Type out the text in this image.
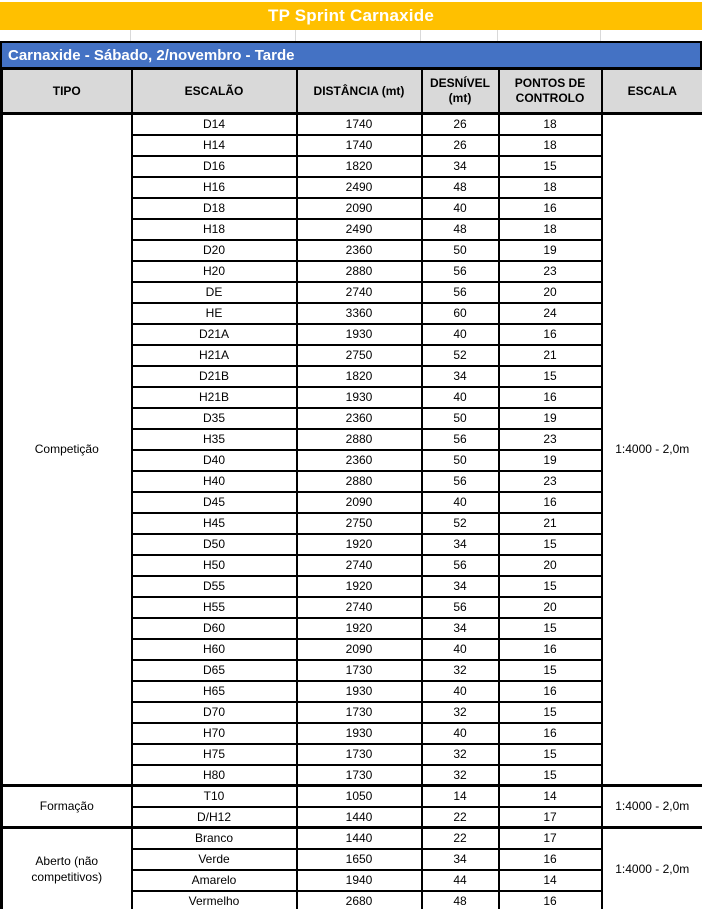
TP Sprint Carnaxide
Carnaxide - Sábado, 2/novembro - Tarde
TIPO	ESCALÃO	DISTÂNCIA (mt)	DESNÍVEL (mt)	PONTOS DE CONTROLO	ESCALA
Competição	D14	1740	26	18	1:4000 - 2,0m
	H14	1740	26	18	
	D16	1820	34	15	
	H16	2490	48	18	
	D18	2090	40	16	
	H18	2490	48	18	
	D20	2360	50	19	
	H20	2880	56	23	
	DE	2740	56	20	
	HE	3360	60	24	
	D21A	1930	40	16	
	H21A	2750	52	21	
	D21B	1820	34	15	
	H21B	1930	40	16	
	D35	2360	50	19	
	H35	2880	56	23	
	D40	2360	50	19	
	H40	2880	56	23	
	D45	2090	40	16	
	H45	2750	52	21	
	D50	1920	34	15	
	H50	2740	56	20	
	D55	1920	34	15	
	H55	2740	56	20	
	D60	1920	34	15	
	H60	2090	40	16	
	D65	1730	32	15	
	H65	1930	40	16	
	D70	1730	32	15	
	H70	1930	40	16	
	H75	1730	32	15	
	H80	1730	32	15	
Formação	T10	1050	14	14	1:4000 - 2,0m
	D/H12	1440	22	17	
Aberto (não competitivos)	Branco	1440	22	17	1:4000 - 2,0m
	Verde	1650	34	16	
	Amarelo	1940	44	14	
	Vermelho	2680	48	16	
